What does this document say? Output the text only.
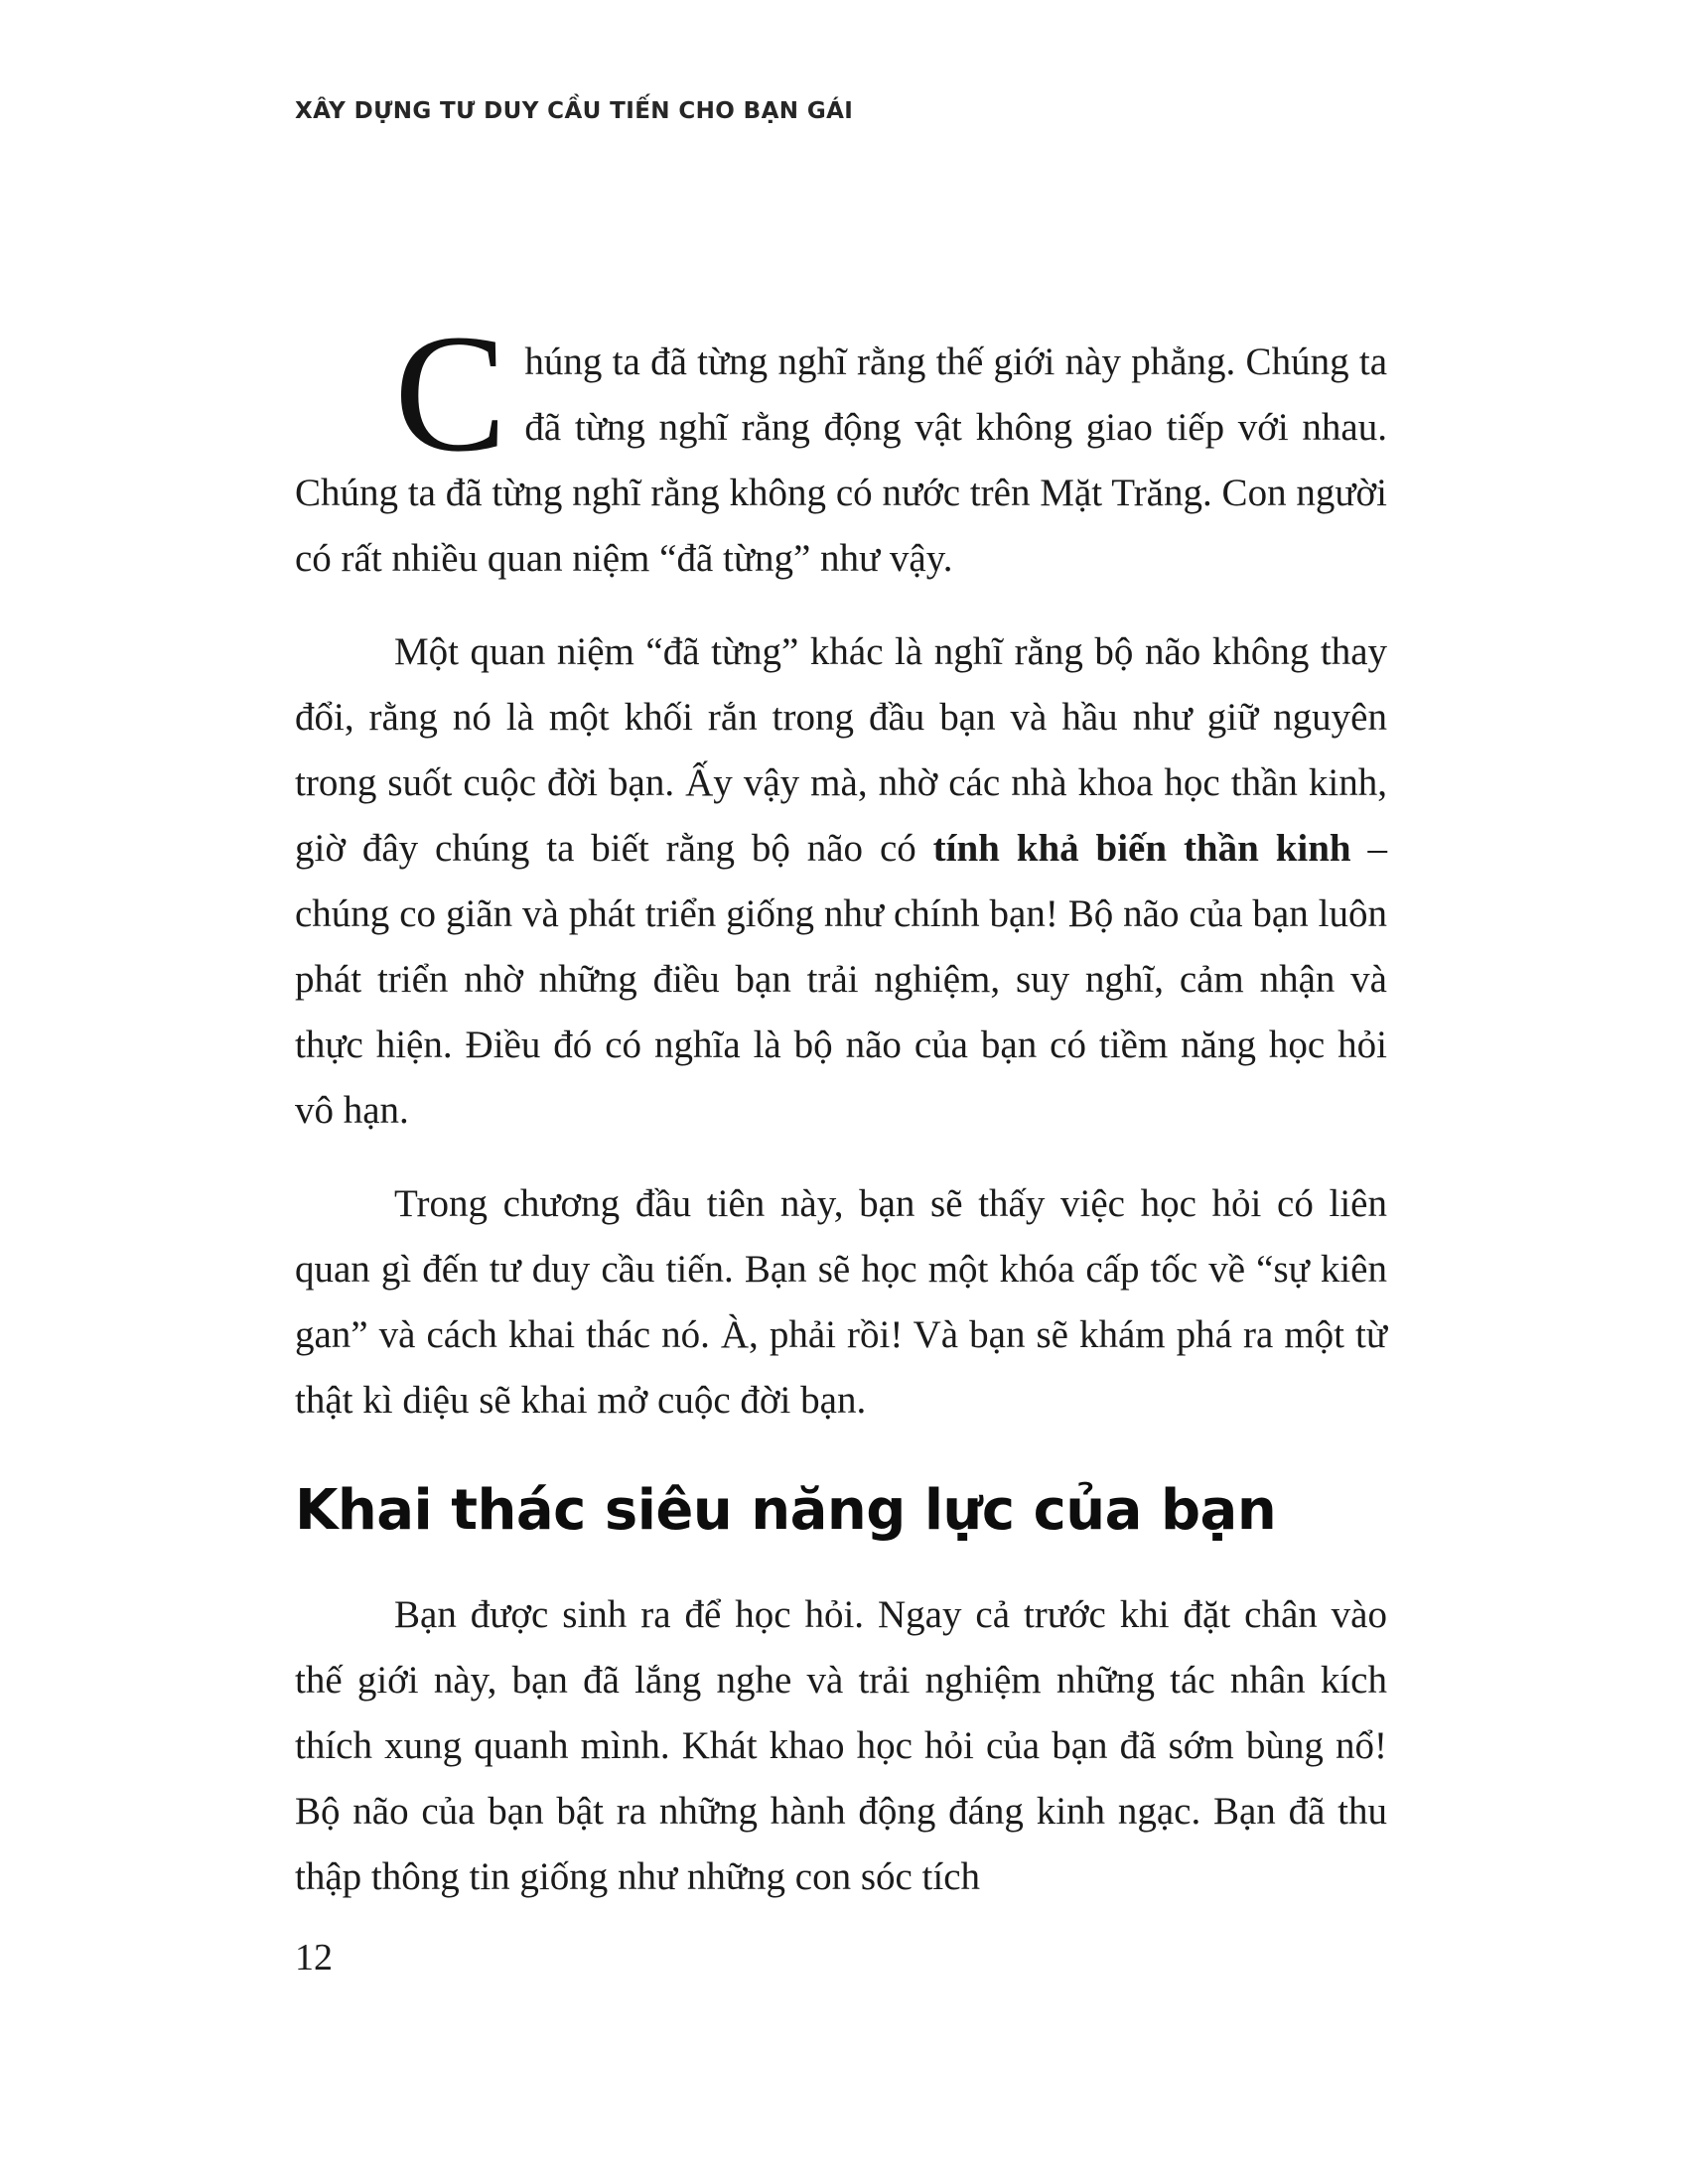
XÂY DỰNG TƯ DUY CẦU TIẾN CHO BẠN GÁI

Chúng ta đã từng nghĩ rằng thế giới này phẳng. Chúng ta đã từng nghĩ rằng động vật không giao tiếp với nhau. Chúng ta đã từng nghĩ rằng không có nước trên Mặt Trăng. Con người có rất nhiều quan niệm “đã từng” như vậy.

Một quan niệm “đã từng” khác là nghĩ rằng bộ não không thay đổi, rằng nó là một khối rắn trong đầu bạn và hầu như giữ nguyên trong suốt cuộc đời bạn. Ấy vậy mà, nhờ các nhà khoa học thần kinh, giờ đây chúng ta biết rằng bộ não có tính khả biến thần kinh – chúng co giãn và phát triển giống như chính bạn! Bộ não của bạn luôn phát triển nhờ những điều bạn trải nghiệm, suy nghĩ, cảm nhận và thực hiện. Điều đó có nghĩa là bộ não của bạn có tiềm năng học hỏi vô hạn.

Trong chương đầu tiên này, bạn sẽ thấy việc học hỏi có liên quan gì đến tư duy cầu tiến. Bạn sẽ học một khóa cấp tốc về “sự kiên gan” và cách khai thác nó. À, phải rồi! Và bạn sẽ khám phá ra một từ thật kì diệu sẽ khai mở cuộc đời bạn.

Khai thác siêu năng lực của bạn

Bạn được sinh ra để học hỏi. Ngay cả trước khi đặt chân vào thế giới này, bạn đã lắng nghe và trải nghiệm những tác nhân kích thích xung quanh mình. Khát khao học hỏi của bạn đã sớm bùng nổ! Bộ não của bạn bật ra những hành động đáng kinh ngạc. Bạn đã thu thập thông tin giống như những con sóc tích

12
